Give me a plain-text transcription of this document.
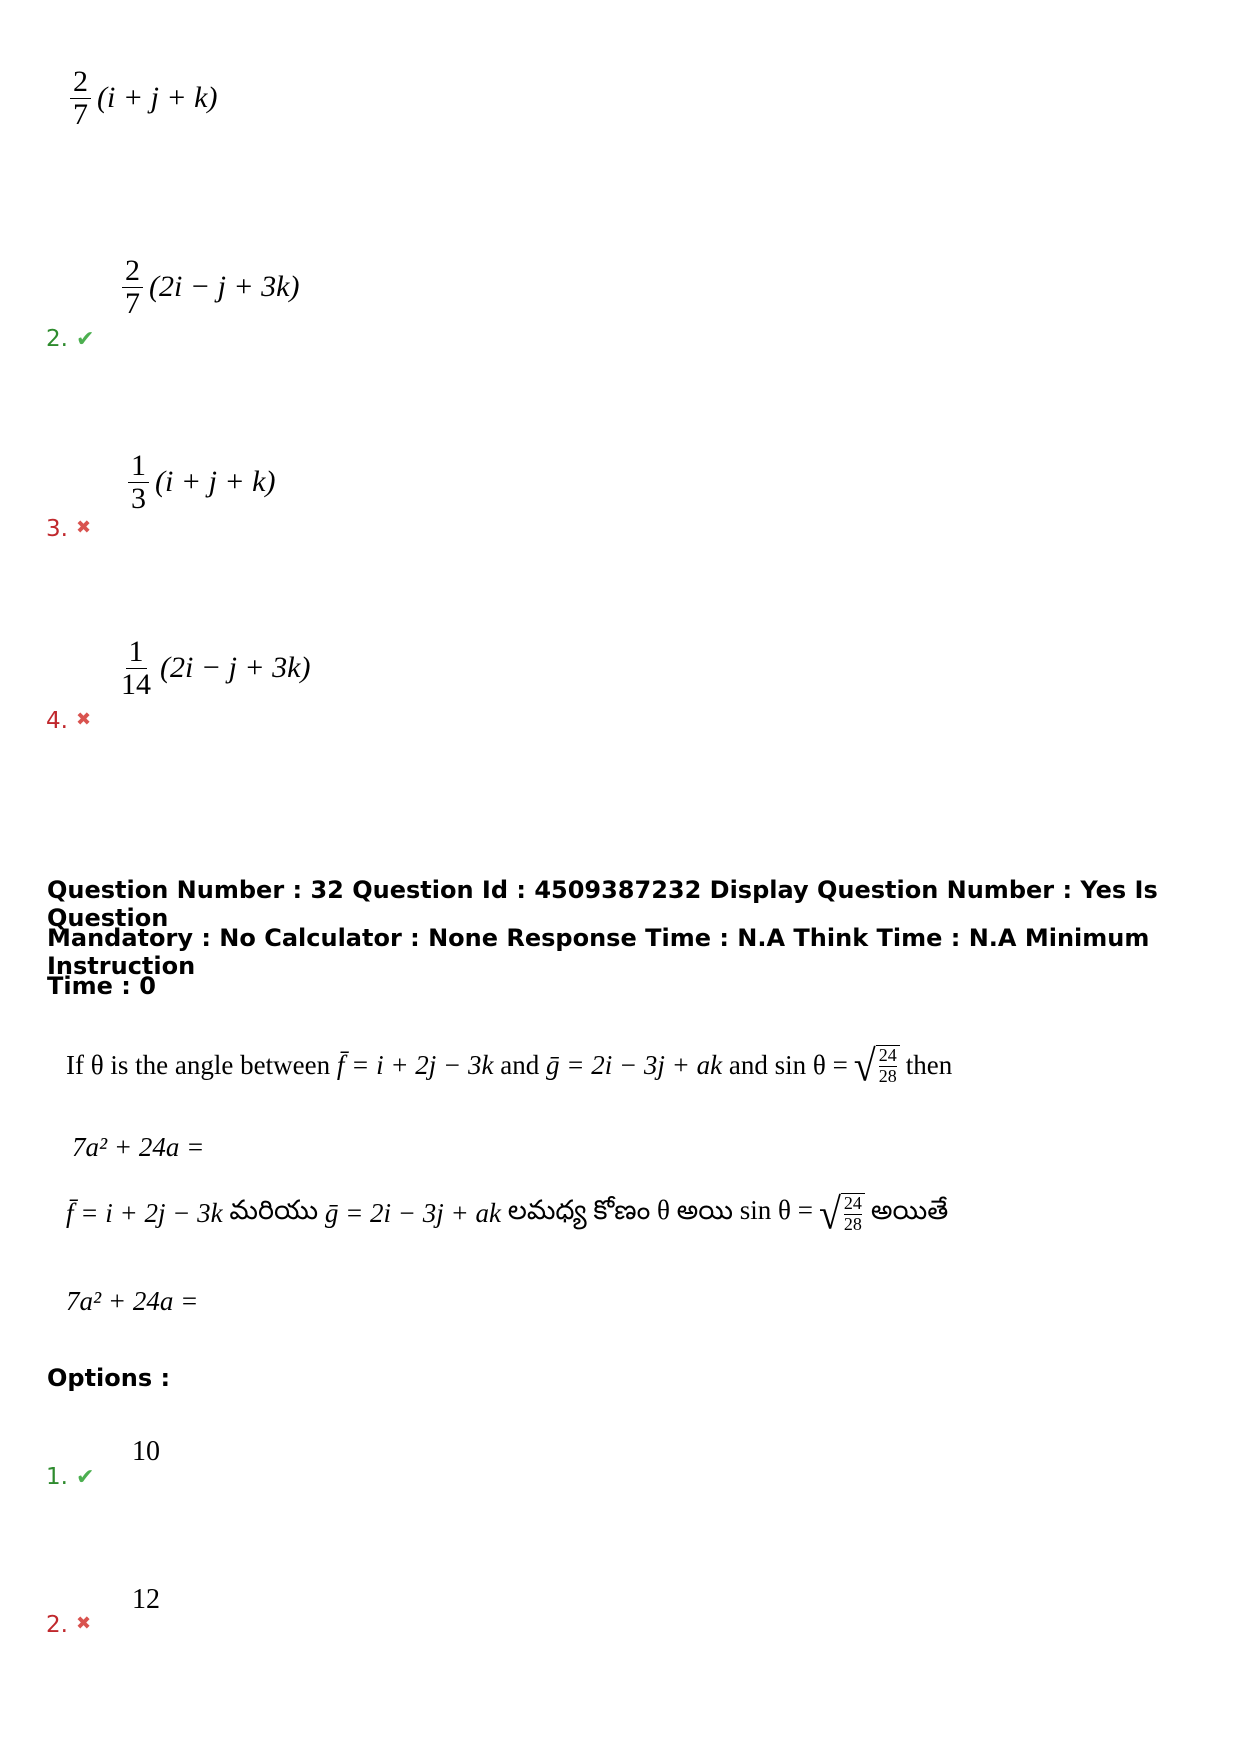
$\frac{2}{7} (i + j + k)$
2. ✔
$\frac{2}{7} (2i - j + 3k)$
3. ✖
$\frac{1}{3} (i + j + k)$
4. ✖
$\frac{1}{14} (2i - j + 3k)$
Question Number : 32 Question Id : 4509387232 Display Question Number : Yes Is Question
Mandatory : No Calculator : None Response Time : N.A Think Time : N.A Minimum Instruction
Time : 0
If θ is the angle between
f̄ = i + 2j − 3k
and
ḡ = 2i − 3j + ak
and sin θ = √ 24
28 then
7a² + 24a =
f̄ = i + 2j − 3k
మరియు
ḡ = 2i − 3j + ak
లమధ్య కోణం θ అయి sin θ = √ 24
28 అయితే
7a² + 24a =
Options :
1. ✔
10
2. ✖
12
